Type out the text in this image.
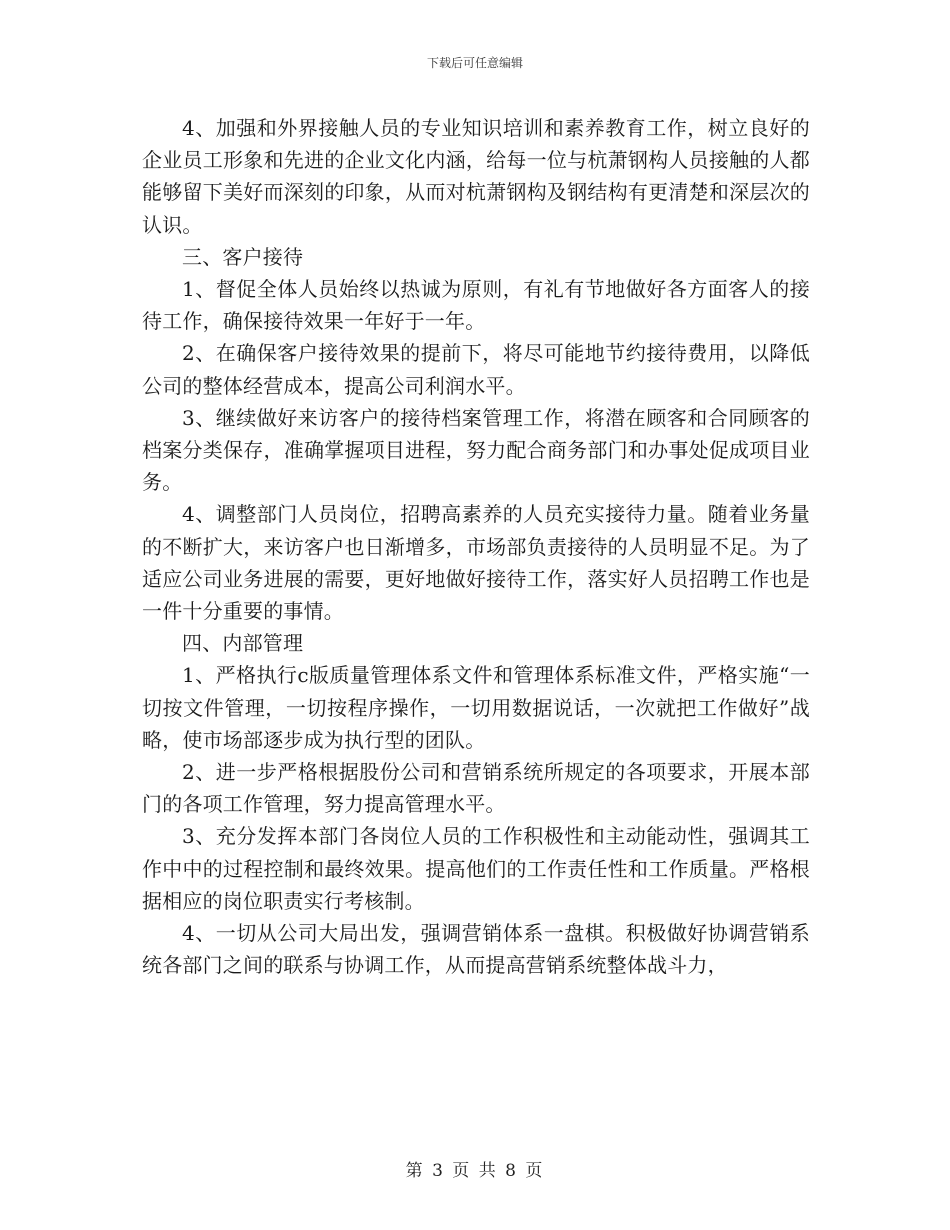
下载后可任意编辑

4、加强和外界接触人员的专业知识培训和素养教育工作，树立良好的企业员工形象和先进的企业文化内涵，给每一位与杭萧钢构人员接触的人都能够留下美好而深刻的印象，从而对杭萧钢构及钢结构有更清楚和深层次的认识。

三、客户接待

1、督促全体人员始终以热诚为原则，有礼有节地做好各方面客人的接待工作，确保接待效果一年好于一年。

2、在确保客户接待效果的提前下，将尽可能地节约接待费用，以降低公司的整体经营成本，提高公司利润水平。

3、继续做好来访客户的接待档案管理工作，将潜在顾客和合同顾客的档案分类保存，准确掌握项目进程，努力配合商务部门和办事处促成项目业务。

4、调整部门人员岗位，招聘高素养的人员充实接待力量。随着业务量的不断扩大，来访客户也日渐增多，市场部负责接待的人员明显不足。为了适应公司业务进展的需要，更好地做好接待工作，落实好人员招聘工作也是一件十分重要的事情。

四、内部管理

1、严格执行c版质量管理体系文件和管理体系标准文件，严格实施“一切按文件管理，一切按程序操作，一切用数据说话，一次就把工作做好”战略，使市场部逐步成为执行型的团队。

2、进一步严格根据股份公司和营销系统所规定的各项要求，开展本部门的各项工作管理，努力提高管理水平。

3、充分发挥本部门各岗位人员的工作积极性和主动能动性，强调其工作中中的过程控制和最终效果。提高他们的工作责任性和工作质量。严格根据相应的岗位职责实行考核制。

4、一切从公司大局出发，强调营销体系一盘棋。积极做好协调营销系统各部门之间的联系与协调工作，从而提高营销系统整体战斗力，

第 3 页 共 8 页
